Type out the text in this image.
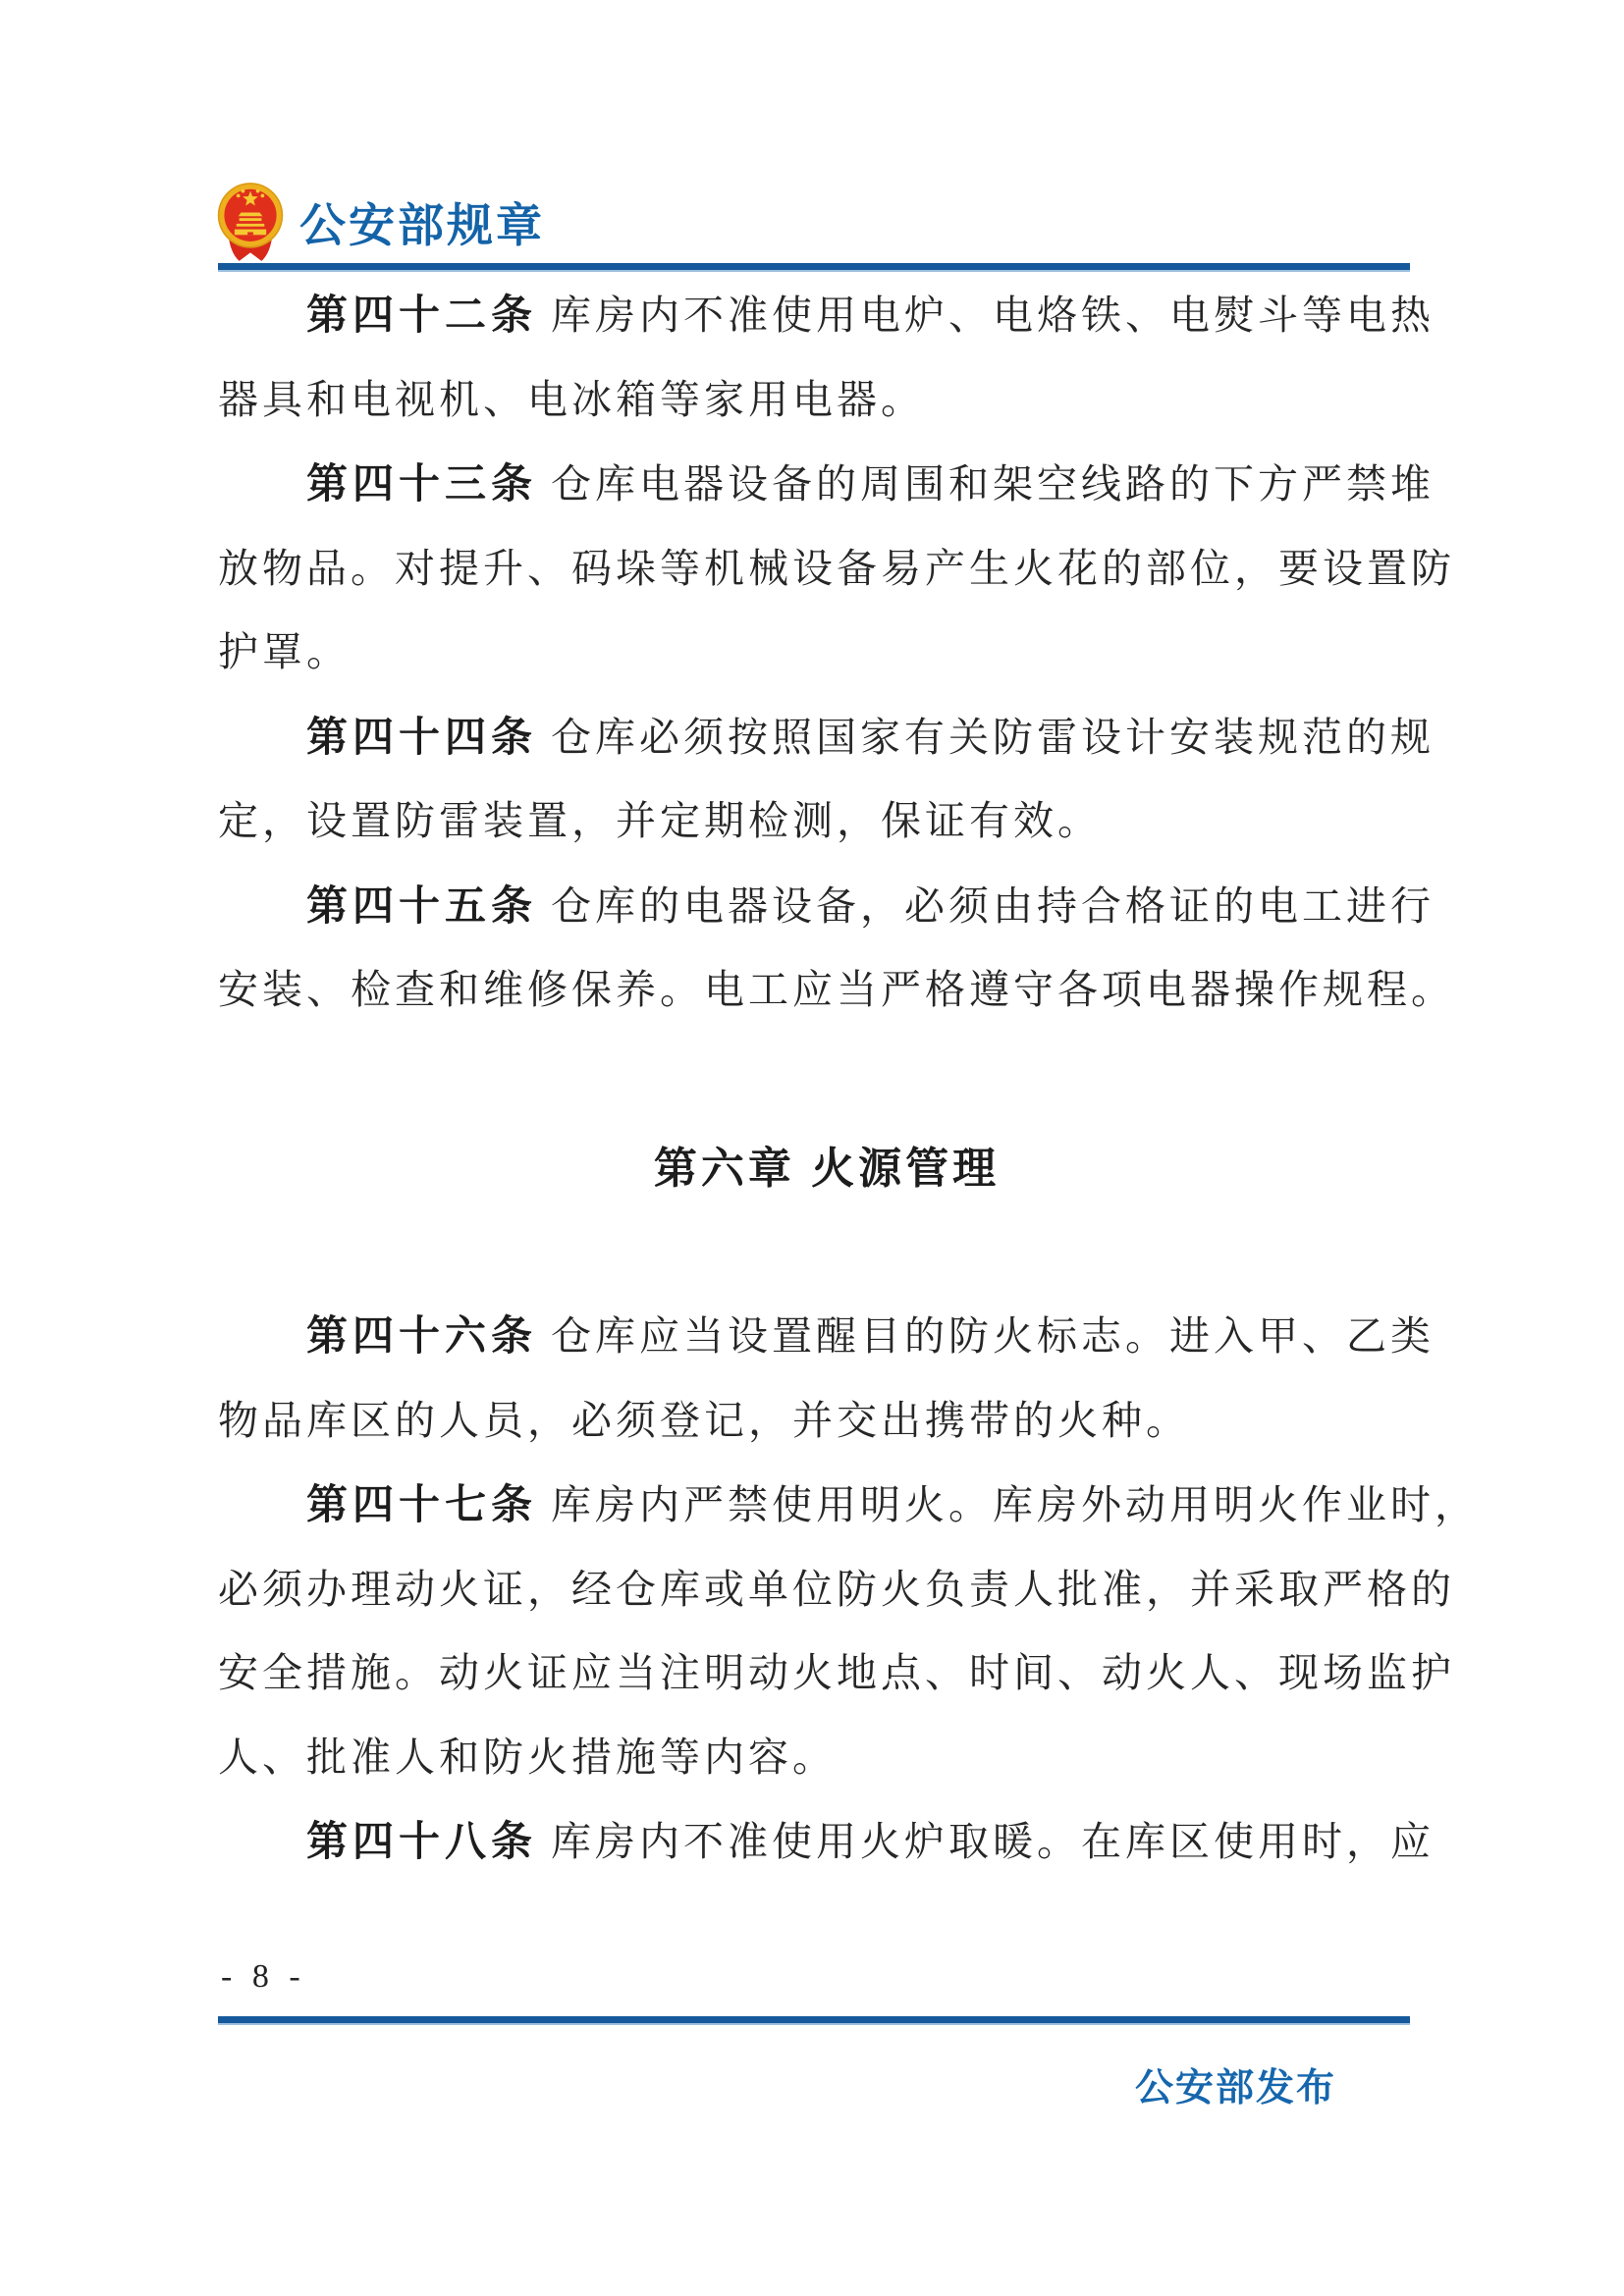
公安部规章
第四十二条 库房内不准使用电炉、电烙铁、电熨斗等电热
器具和电视机、电冰箱等家用电器。
第四十三条 仓库电器设备的周围和架空线路的下方严禁堆
放物品。对提升、码垛等机械设备易产生火花的部位，要设置防
护罩。
第四十四条 仓库必须按照国家有关防雷设计安装规范的规
定，设置防雷装置，并定期检测，保证有效。
第四十五条 仓库的电器设备，必须由持合格证的电工进行
安装、检查和维修保养。电工应当严格遵守各项电器操作规程。
第六章 火源管理
第四十六条 仓库应当设置醒目的防火标志。进入甲、乙类
物品库区的人员，必须登记，并交出携带的火种。
第四十七条 库房内严禁使用明火。库房外动用明火作业时，
必须办理动火证，经仓库或单位防火负责人批准，并采取严格的
安全措施。动火证应当注明动火地点、时间、动火人、现场监护
人、批准人和防火措施等内容。
第四十八条 库房内不准使用火炉取暖。在库区使用时，应
- 8 -
公安部发布
